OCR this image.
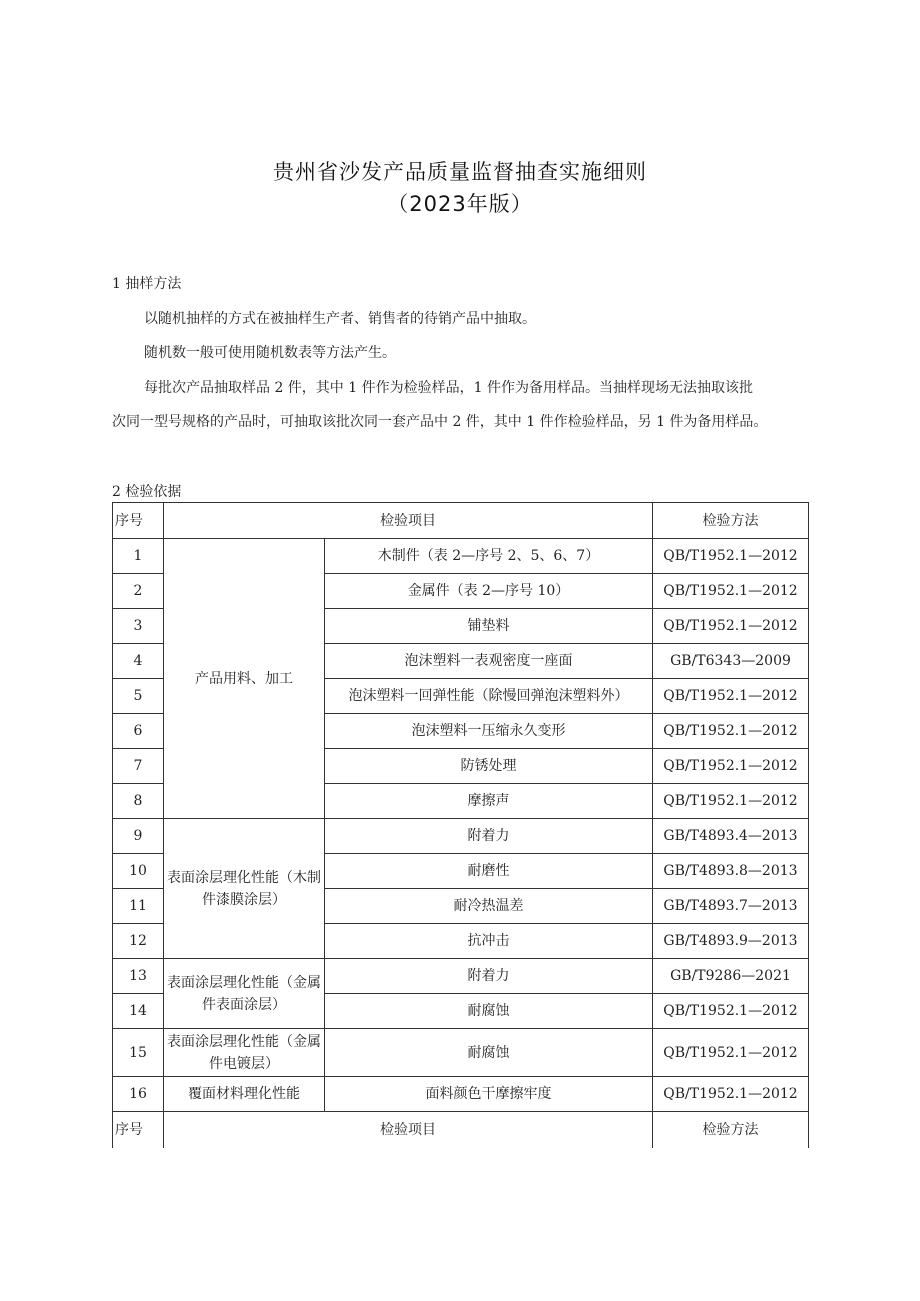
贵州省沙发产品质量监督抽查实施细则
（2023年版）
1 抽样方法
以随机抽样的方式在被抽样生产者、销售者的待销产品中抽取。
随机数一般可使用随机数表等方法产生。
每批次产品抽取样品 2 件，其中 1 件作为检验样品，1 件作为备用样品。当抽样现场无法抽取该批
次同一型号规格的产品时，可抽取该批次同一套产品中 2 件，其中 1 件作检验样品，另 1 件为备用样品。
2 检验依据
序号	检验项目		检验方法
1	产品用料、加工	木制件（表 2—序号 2、5、6、7）	QB/T1952.1—2012
2		金属件（表 2—序号 10）	QB/T1952.1—2012
3		铺垫料	QB/T1952.1—2012
4		泡沫塑料一表观密度一座面	GB/T6343—2009
5		泡沫塑料一回弹性能（除慢回弹泡沫塑料外）	QB/T1952.1—2012
6		泡沫塑料一压缩永久变形	QB/T1952.1—2012
7		防锈处理	QB/T1952.1—2012
8		摩擦声	QB/T1952.1—2012
9	表面涂层理化性能（木制件漆膜涂层）	附着力	GB/T4893.4—2013
10		耐磨性	GB/T4893.8—2013
11		耐冷热温差	GB/T4893.7—2013
12		抗冲击	GB/T4893.9—2013
13	表面涂层理化性能（金属件表面涂层）	附着力	GB/T9286—2021
14		耐腐蚀	QB/T1952.1—2012
15	表面涂层理化性能（金属件电镀层）	耐腐蚀	QB/T1952.1—2012
16	覆面材料理化性能	面料颜色干摩擦牢度	QB/T1952.1—2012
序号	检验项目		检验方法
